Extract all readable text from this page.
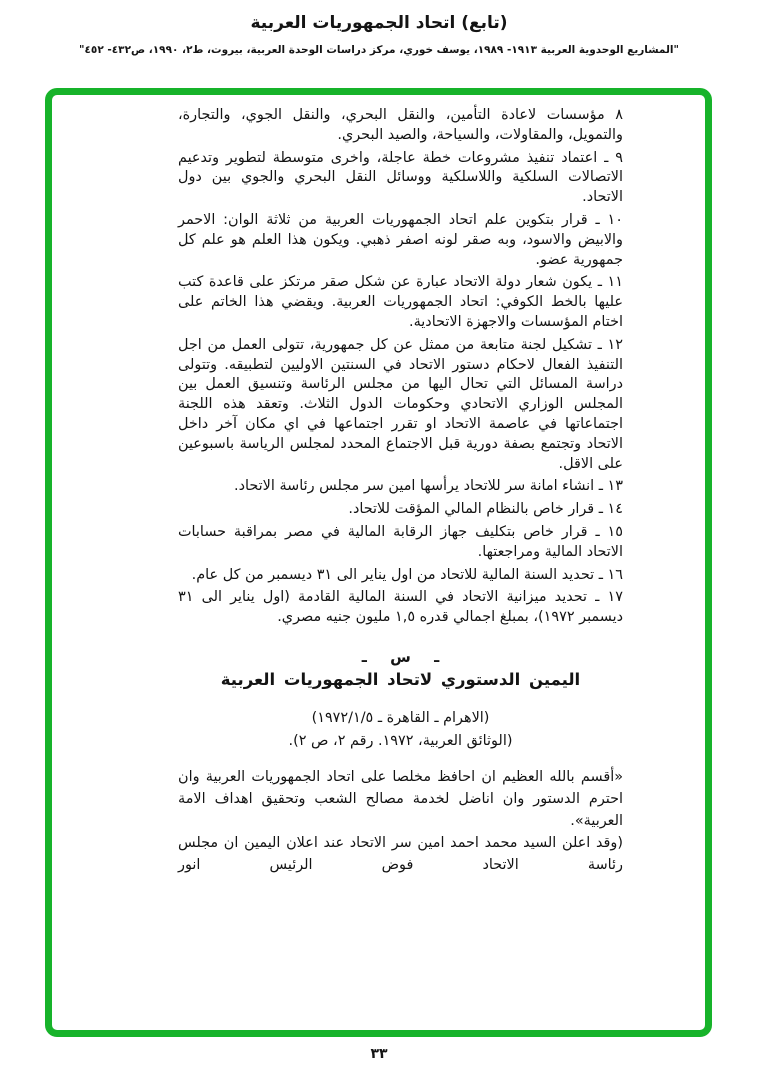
(تابع) اتحاد الجمهوريات العربية
"المشاريع الوحدوية العربية ١٩١٣- ١٩٨٩، يوسف خوري، مركز دراسات الوحدة العربية، بيروت، ط٢، ١٩٩٠، ص٤٣٢- ٤٥٢"

٨ مؤسسات لاعادة التأمين، والنقل البحري، والنقل الجوي، والتجارة، والتمويل، والمقاولات، والسياحة، والصيد البحري.

٩ ـ اعتماد تنفيذ مشروعات خطة عاجلة، واخرى متوسطة لتطوير وتدعيم الاتصالات السلكية واللاسلكية ووسائل النقل البحري والجوي بين دول الاتحاد.

١٠ ـ قرار بتكوين علم اتحاد الجمهوريات العربية من ثلاثة الوان: الاحمر والابيض والاسود، وبه صقر لونه اصفر ذهبي. ويكون هذا العلم هو علم كل جمهورية عضو.

١١ ـ يكون شعار دولة الاتحاد عبارة عن شكل صقر مرتكز على قاعدة كتب عليها بالخط الكوفي: اتحاد الجمهوريات العربية. ويقضي هذا الخاتم على اختام المؤسسات والاجهزة الاتحادية.

١٢ ـ تشكيل لجنة متابعة من ممثل عن كل جمهورية، تتولى العمل من اجل التنفيذ الفعال لاحكام دستور الاتحاد في السنتين الاوليين لتطبيقه. وتتولى دراسة المسائل التي تحال اليها من مجلس الرئاسة وتنسيق العمل بين المجلس الوزاري الاتحادي وحكومات الدول الثلاث. وتعقد هذه اللجنة اجتماعاتها في عاصمة الاتحاد او تقرر اجتماعها في اي مكان آخر داخل الاتحاد وتجتمع بصفة دورية قبل الاجتماع المحدد لمجلس الرياسة باسبوعين على الاقل.

١٣ ـ انشاء امانة سر للاتحاد يرأسها امين سر مجلس رئاسة الاتحاد.

١٤ ـ قرار خاص بالنظام المالي المؤقت للاتحاد.

١٥ ـ قرار خاص بتكليف جهاز الرقابة المالية في مصر بمراقبة حسابات الاتحاد المالية ومراجعتها.

١٦ ـ تحديد السنة المالية للاتحاد من اول يناير الى ٣١ ديسمبر من كل عام.

١٧ ـ تحديد ميزانية الاتحاد في السنة المالية القادمة (اول يناير الى ٣١ ديسمبر ١٩٧٢)، بمبلغ اجمالي قدره ١,٥ مليون جنيه مصري.

ـ س ـ
اليمين الدستوري لاتحاد الجمهوريات العربية
(الاهرام ـ القاهرة ـ ١٩٧٢/١/٥)
(الوثائق العربية، ١٩٧٢. رقم ٢، ص ٢).

«أقسم بالله العظيم ان احافظ مخلصا على اتحاد الجمهوريات العربية وان احترم الدستور وان اناضل لخدمة مصالح الشعب وتحقيق اهداف الامة العربية».

(وقد اعلن السيد محمد احمد امين سر الاتحاد عند اعلان اليمين ان مجلس رئاسة الاتحاد فوض الرئيس انور

٣٣
